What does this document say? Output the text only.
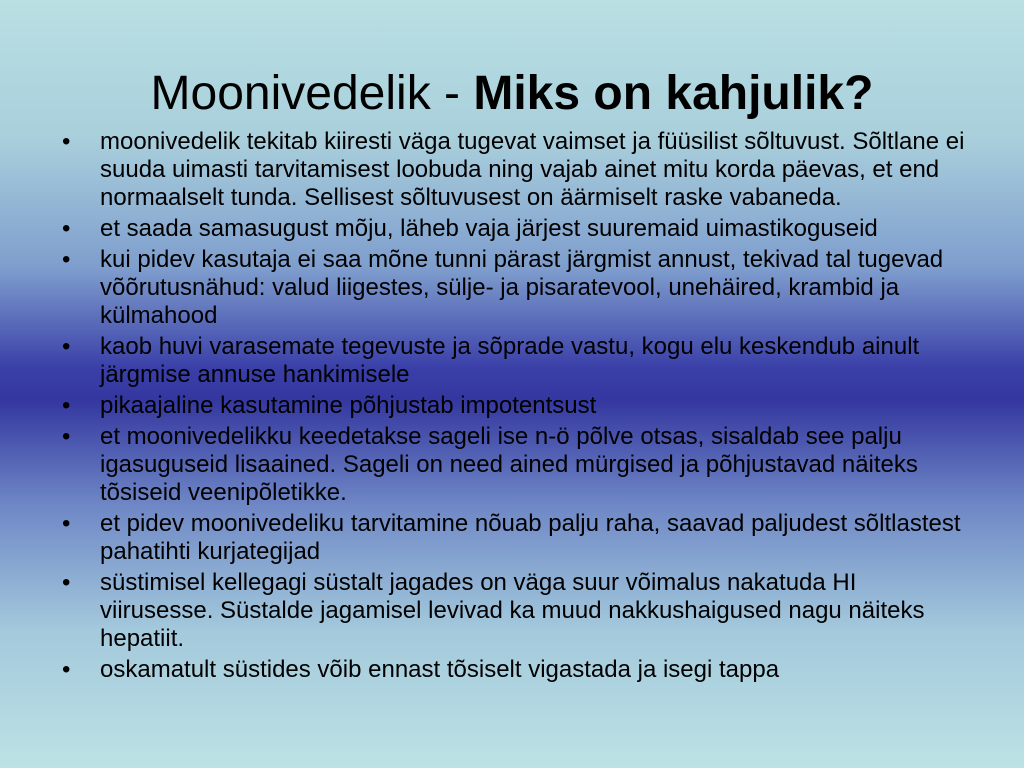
Moonivedelik - Miks on kahjulik?
• moonivedelik tekitab kiiresti väga tugevat vaimset ja füüsilist sõltuvust. Sõltlane ei suuda uimasti tarvitamisest loobuda ning vajab ainet mitu korda päevas, et end normaalselt tunda. Sellisest sõltuvusest on äärmiselt raske vabaneda.
• et saada samasugust mõju, läheb vaja järjest suuremaid uimastikoguseid
• kui pidev kasutaja ei saa mõne tunni pärast järgmist annust, tekivad tal tugevad võõrutusnähud: valud liigestes, sülje- ja pisaratevool, unehäired, krambid ja külmahood
• kaob huvi varasemate tegevuste ja sõprade vastu, kogu elu keskendub ainult järgmise annuse hankimisele
• pikaajaline kasutamine põhjustab impotentsust
• et moonivedelikku keedetakse sageli ise n-ö põlve otsas, sisaldab see palju igasuguseid lisaained. Sageli on need ained mürgised ja põhjustavad näiteks tõsiseid veenipõletikke.
• et pidev moonivedeliku tarvitamine nõuab palju raha, saavad paljudest sõltlastest pahatihti kurjategijad
• süstimisel kellegagi süstalt jagades on väga suur võimalus nakatuda HI viirusesse. Süstalde jagamisel levivad ka muud nakkushaigused nagu näiteks hepatiit.
• oskamatult süstides võib ennast tõsiselt vigastada ja isegi tappa
